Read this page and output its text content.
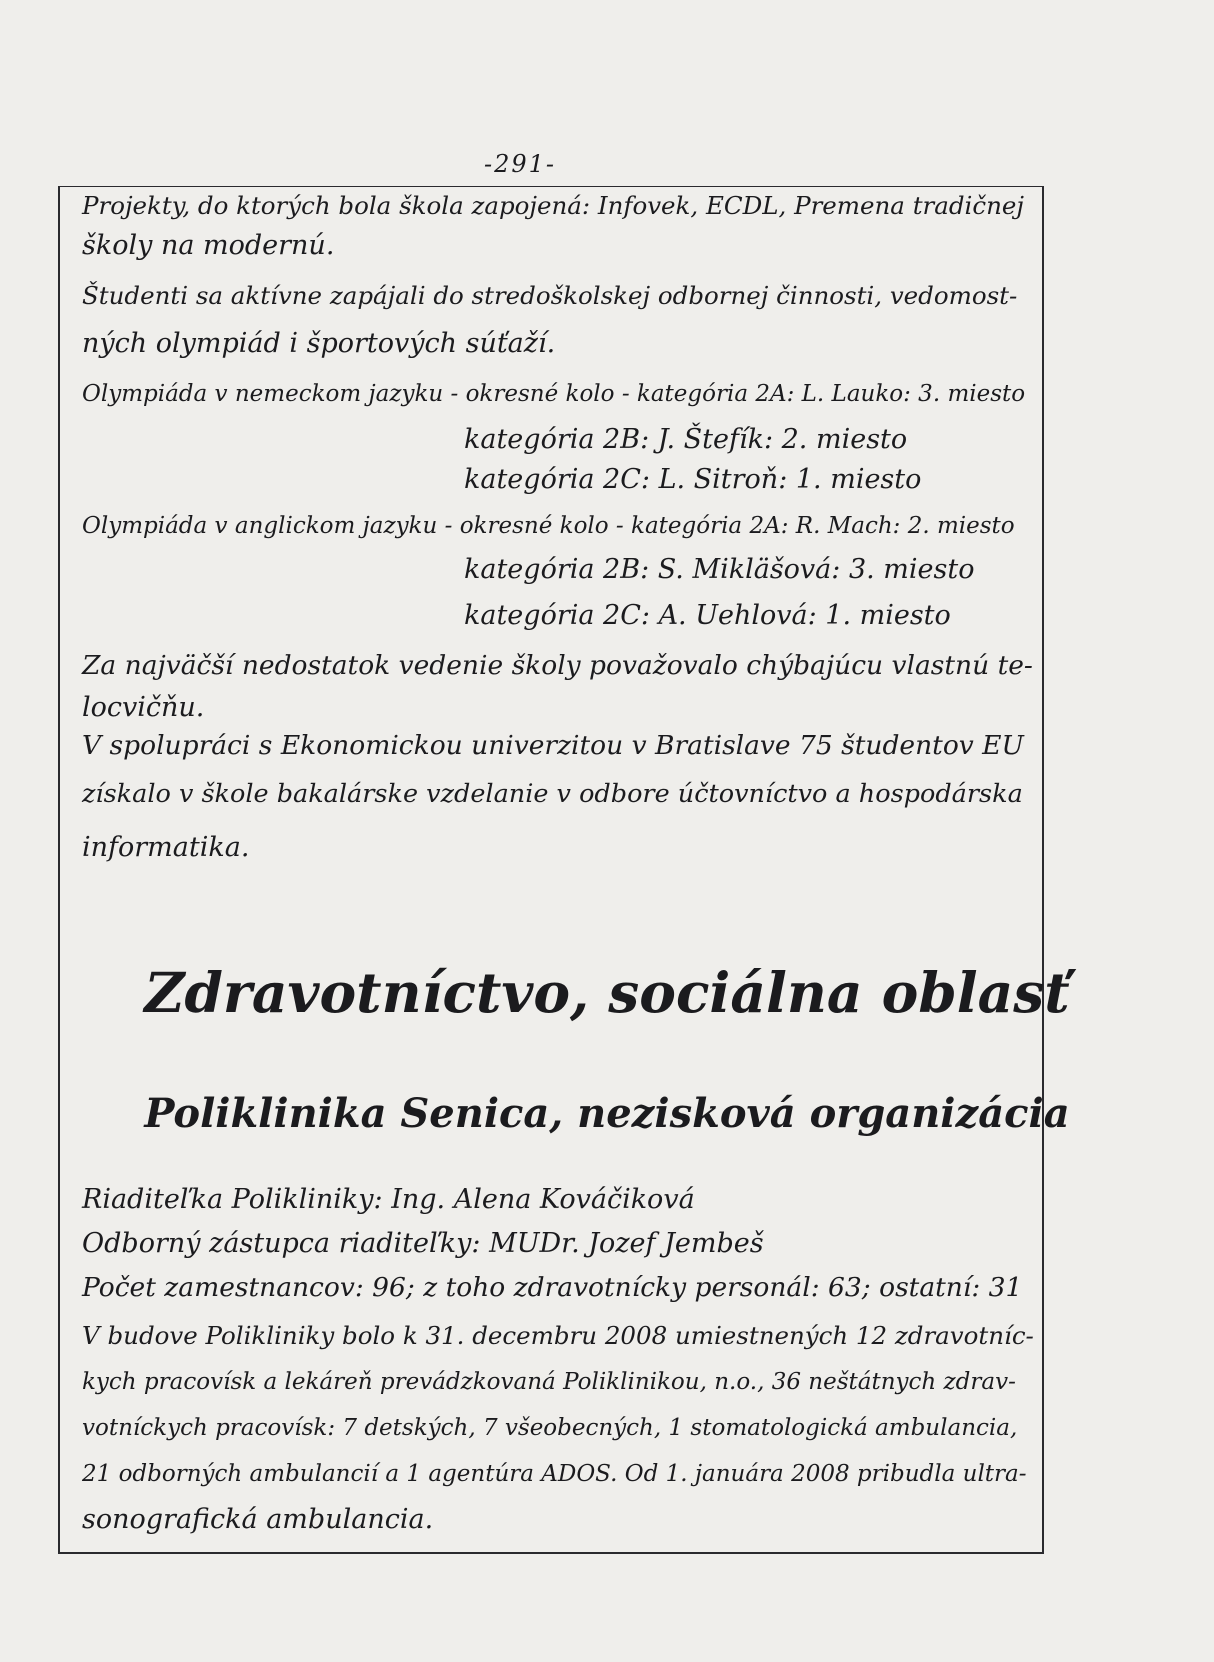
-291-

Projekty, do ktorých bola škola zapojená: Infovek, ECDL, Premena tradičnej

školy na modernú.

Študenti sa aktívne zapájali do stredoškolskej odbornej činnosti, vedomost-

ných olympiád i športových súťaží.

Olympiáda v nemeckom jazyku - okresné kolo - kategória 2A: L. Lauko: 3. miesto

kategória 2B: J. Štefík: 2. miesto

kategória 2C: L. Sitroň: 1. miesto

Olympiáda v anglickom jazyku - okresné kolo - kategória 2A: R. Mach: 2. miesto

kategória 2B: S. Mikläšová: 3. miesto

kategória 2C: A. Uehlová: 1. miesto

Za najväčší nedostatok vedenie školy považovalo chýbajúcu vlastnú te-

locvičňu.

V spolupráci s Ekonomickou univerzitou v Bratislave 75 študentov EU

získalo v škole bakalárske vzdelanie v odbore účtovníctvo a hospodárska

informatika.

Zdravotníctvo, sociálna oblasť
Poliklinika Senica, nezisková organizácia

Riaditeľka Polikliniky: Ing. Alena Kováčiková

Odborný zástupca riaditeľky: MUDr. Jozef Jembeš

Počet zamestnancov: 96; z toho zdravotnícky personál: 63; ostatní: 31

V budove Polikliniky bolo k 31. decembru 2008 umiestnených 12 zdravotníc-

kych pracovísk a lekáreň prevádzkovaná Poliklinikou, n.o., 36 neštátnych zdrav-

votníckych pracovísk: 7 detských, 7 všeobecných, 1 stomatologická ambulancia,

21 odborných ambulancií a 1 agentúra ADOS. Od 1. januára 2008 pribudla ultra-

sonografická ambulancia.
